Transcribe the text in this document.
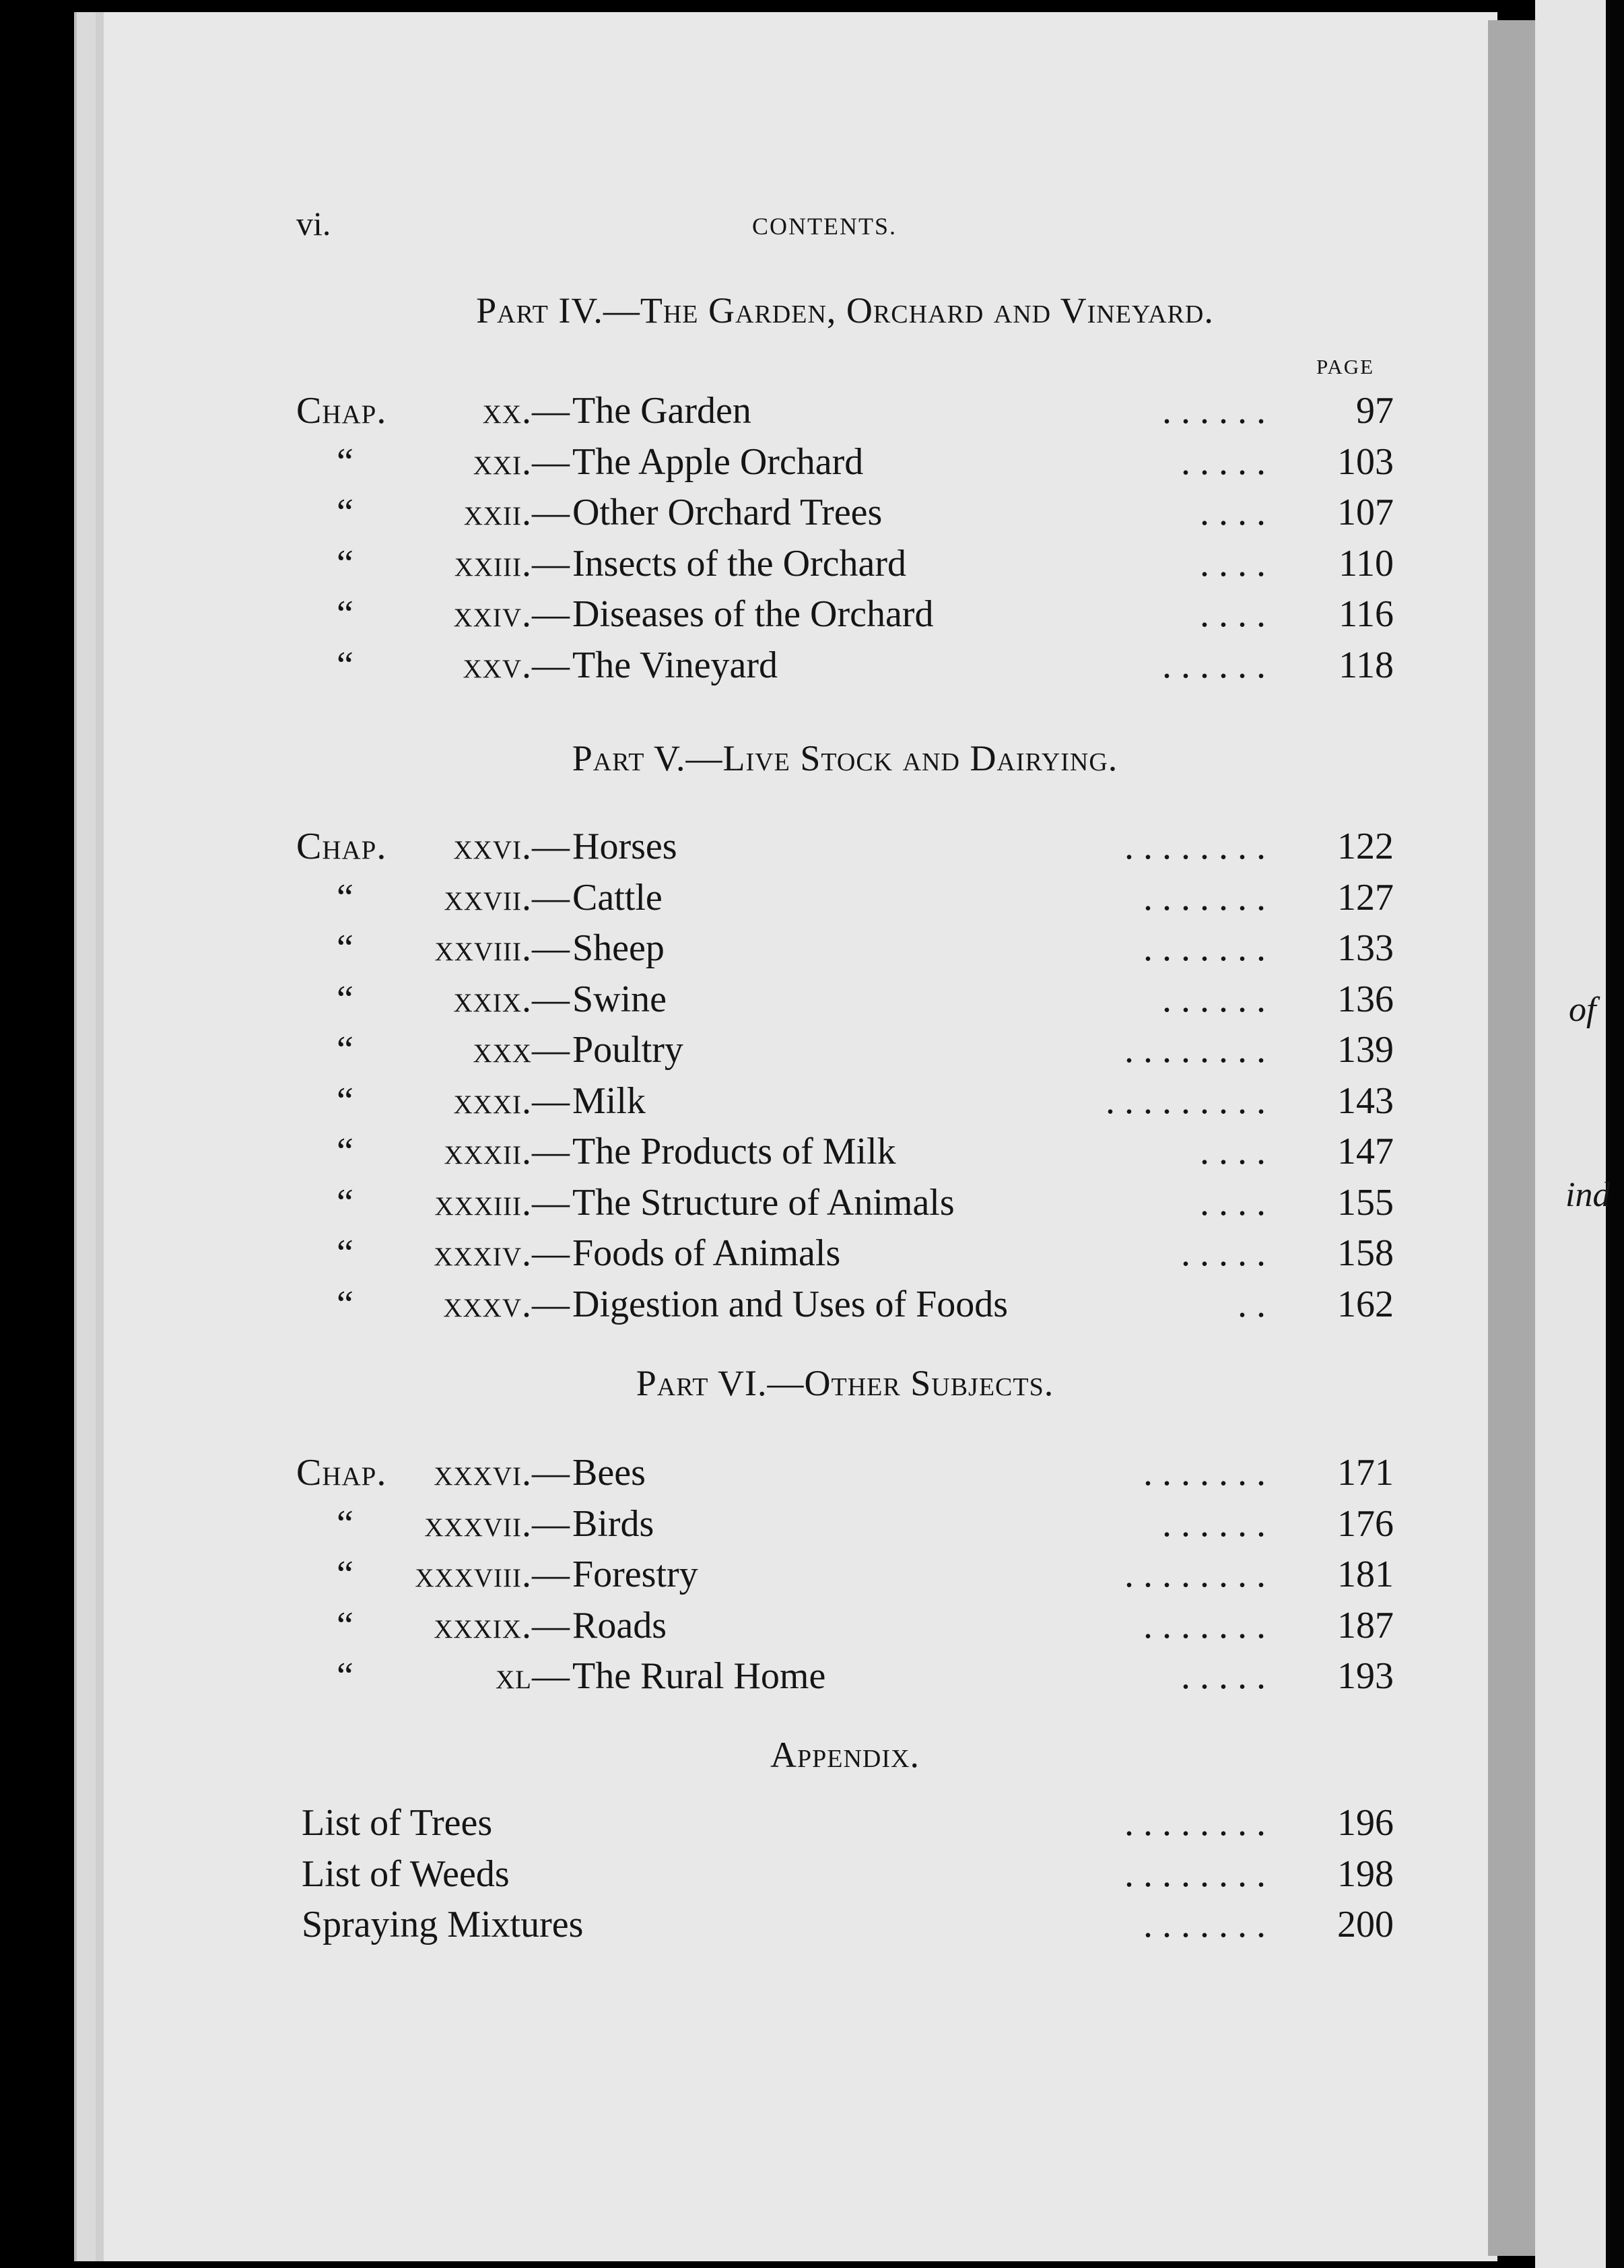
of
ind
vi.	CONTENTS.
Part IV.—The Garden, Orchard and Vineyard.
Chap.	xx. — The Garden	. . . . . . 97
“	xxi. — The Apple Orchard	. . . . . 103
“	xxii. — Other Orchard Trees	. . . . 107
“	xxiii. — Insects of the Orchard	. . . . 110
“	xxiv. — Diseases of the Orchard	. . . . 116
“	xxv. — The Vineyard	. . . . . . 118
Part V.—Live Stock and Dairying.
Chap. xxvi. — Horses	. . . . . . . . 122
“ xxvii. — Cattle	. . . . . . . 127
“ xxviii. — Sheep	. . . . . . . 133
“	xxix. — Swine	. . . . . . 136
“	xxx — Poultry	. . . . . . . . 139
“	xxxi. — Milk	. . . . . . . . . 143
“ xxxii. — The Products of Milk	. . . . 147
“ xxxiii. — The Structure of Animals	. . . . 155
“ xxxiv. — Foods of Animals	. . . . . 158
“ xxxv. — Digestion and Uses of Foods	. . 162
Part VI.—Other Subjects.
Chap. xxxvi. — Bees	. . . . . . . 171
“ xxxvii. — Birds	. . . . . . 176
“ xxxviii. — Forestry	. . . . . . . . 181
“ xxxix. — Roads	. . . . . . . 187
“	xl — The Rural Home	. . . . . 193
PAGE
Appendix.
List of Trees	. . . . . . . . 196
List of Weeds	. . . . . . . . 198
Spraying Mixtures	. . . . . . . 200
